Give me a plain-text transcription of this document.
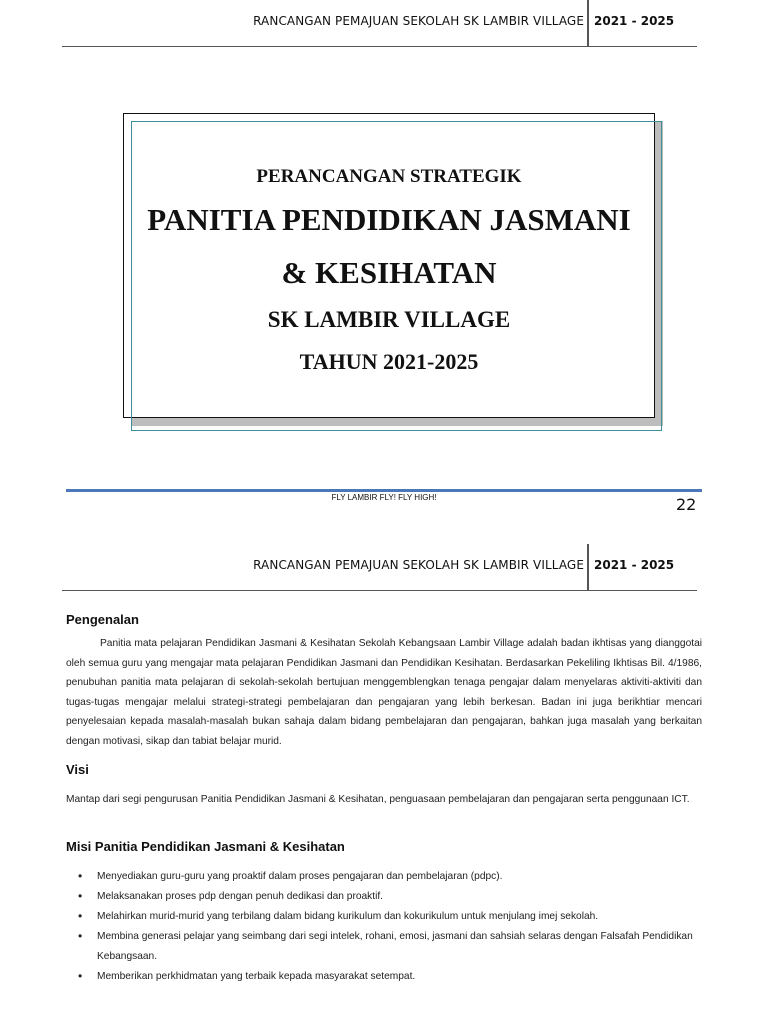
RANCANGAN PEMAJUAN SEKOLAH SK LAMBIR VILLAGE 2021 - 2025
PERANCANGAN STRATEGIK
PANITIA PENDIDIKAN JASMANI
& KESIHATAN
SK LAMBIR VILLAGE
TAHUN 2021-2025
FLY LAMBIR FLY! FLY HIGH!	22
RANCANGAN PEMAJUAN SEKOLAH SK LAMBIR VILLAGE 2021 - 2025
Pengenalan

Panitia mata pelajaran Pendidikan Jasmani & Kesihatan Sekolah Kebangsaan Lambir Village adalah badan ikhtisas yang dianggotai oleh semua guru yang mengajar mata pelajaran Pendidikan Jasmani dan Pendidikan Kesihatan. Berdasarkan Pekeliling Ikhtisas Bil. 4/1986, penubuhan panitia mata pelajaran di sekolah-sekolah bertujuan menggemblengkan tenaga pengajar dalam menyelaras aktiviti-aktiviti dan tugas-tugas mengajar melalui strategi-strategi pembelajaran dan pengajaran yang lebih berkesan. Badan ini juga berikhtiar mencari penyelesaian kepada masalah-masalah bukan sahaja dalam bidang pembelajaran dan pengajaran, bahkan juga masalah yang berkaitan dengan motivasi, sikap dan tabiat belajar murid.

Visi

Mantap dari segi pengurusan Panitia Pendidikan Jasmani & Kesihatan, penguasaan pembelajaran dan pengajaran serta penggunaan ICT.

Misi Panitia Pendidikan Jasmani & Kesihatan
• Menyediakan guru-guru yang proaktif dalam proses pengajaran dan pembelajaran (pdpc).
• Melaksanakan proses pdp dengan penuh dedikasi dan proaktif.
• Melahirkan murid-murid yang terbilang dalam bidang kurikulum dan kokurikulum untuk menjulang imej sekolah.
• Membina generasi pelajar yang seimbang dari segi intelek, rohani, emosi, jasmani dan sahsiah selaras dengan Falsafah Pendidikan Kebangsaan.
• Memberikan perkhidmatan yang terbaik kepada masyarakat setempat.
